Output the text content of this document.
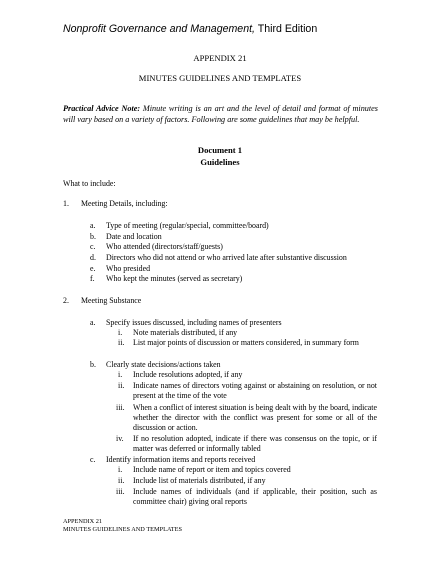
Nonprofit Governance and Management, Third Edition
APPENDIX 21
MINUTES GUIDELINES AND TEMPLATES
Practical Advice Note: Minute writing is an art and the level of detail and format of minutes will vary based on a variety of factors. Following are some guidelines that may be helpful.
Document 1
Guidelines
What to include:
1. Meeting Details, including:
a. Type of meeting (regular/special, committee/board)
b. Date and location
c. Who attended (directors/staff/guests)
d. Directors who did not attend or who arrived late after substantive discussion
e. Who presided
f. Who kept the minutes (served as secretary)
2. Meeting Substance
a. Specify issues discussed, including names of presenters
i. Note materials distributed, if any
ii. List major points of discussion or matters considered, in summary form
b. Clearly state decisions/actions taken
i. Include resolutions adopted, if any
ii. Indicate names of directors voting against or abstaining on resolution, or not present at the time of the vote
iii. When a conflict of interest situation is being dealt with by the board, indicate whether the director with the conflict was present for some or all of the discussion or action.
iv. If no resolution adopted, indicate if there was consensus on the topic, or if matter was deferred or informally tabled
c. Identify information items and reports received
i. Include name of report or item and topics covered
ii. Include list of materials distributed, if any
iii. Include names of individuals (and if applicable, their position, such as committee chair) giving oral reports
APPENDIX 21
MINUTES GUIDELINES AND TEMPLATES
